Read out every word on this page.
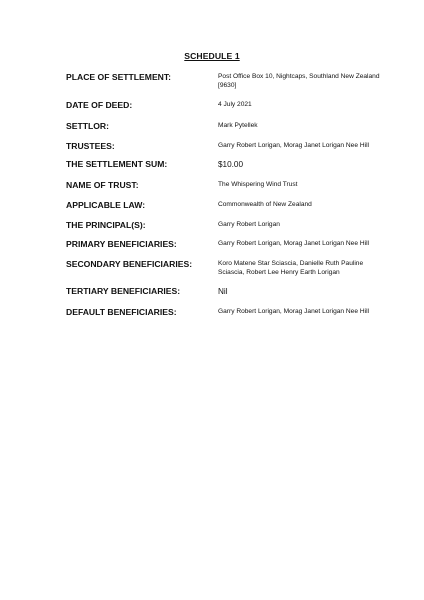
SCHEDULE 1
PLACE OF SETTLEMENT:	Post Office Box 10, Nightcaps, Southland New Zealand [9630]
DATE OF DEED:	4 July 2021
SETTLOR:	Mark Pytellek
TRUSTEES:	Garry Robert Lorigan, Morag Janet Lorigan Nee Hill
THE SETTLEMENT SUM:	$10.00
NAME OF TRUST:	The Whispering Wind Trust
APPLICABLE LAW:	Commonwealth of New Zealand
THE PRINCIPAL(S):	Garry Robert Lorigan
PRIMARY BENEFICIARIES:	Garry Robert Lorigan, Morag Janet Lorigan Nee Hill
SECONDARY BENEFICIARIES:	Koro Matene Star Sciascia, Danielle Ruth Pauline Sciascia, Robert Lee Henry Earth Lorigan
TERTIARY BENEFICIARIES:	Nil
DEFAULT BENEFICIARIES:	Garry Robert Lorigan, Morag Janet Lorigan Nee Hill
